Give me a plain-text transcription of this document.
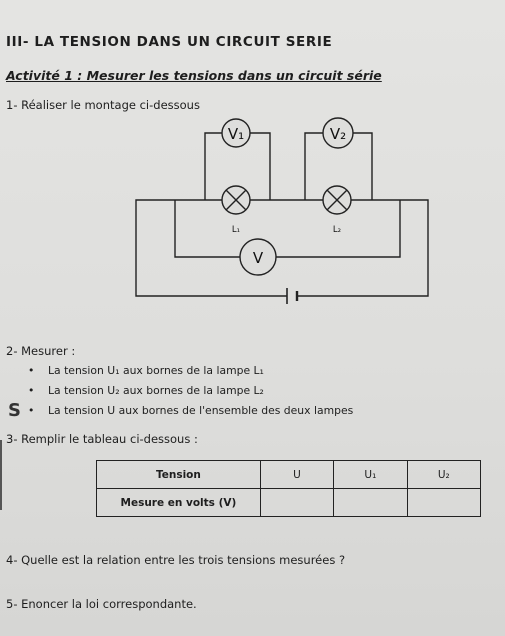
III- LA TENSION DANS UN CIRCUIT SERIE
Activité 1 : Mesurer les tensions dans un circuit série
1- Réaliser le montage ci-dessous
V₁	V₂
V
L₁	L₂
2- Mesurer :
• La tension U₁ aux bornes de la lampe L₁
• La tension U₂ aux bornes de la lampe L₂
• La tension U aux bornes de l'ensemble des deux lampes
S
3- Remplir le tableau ci-dessous :
Tension	U	U₁	U₂
Mesure en volts (V)			
4- Quelle est la relation entre les trois tensions mesurées ?
5- Enoncer la loi correspondante.
